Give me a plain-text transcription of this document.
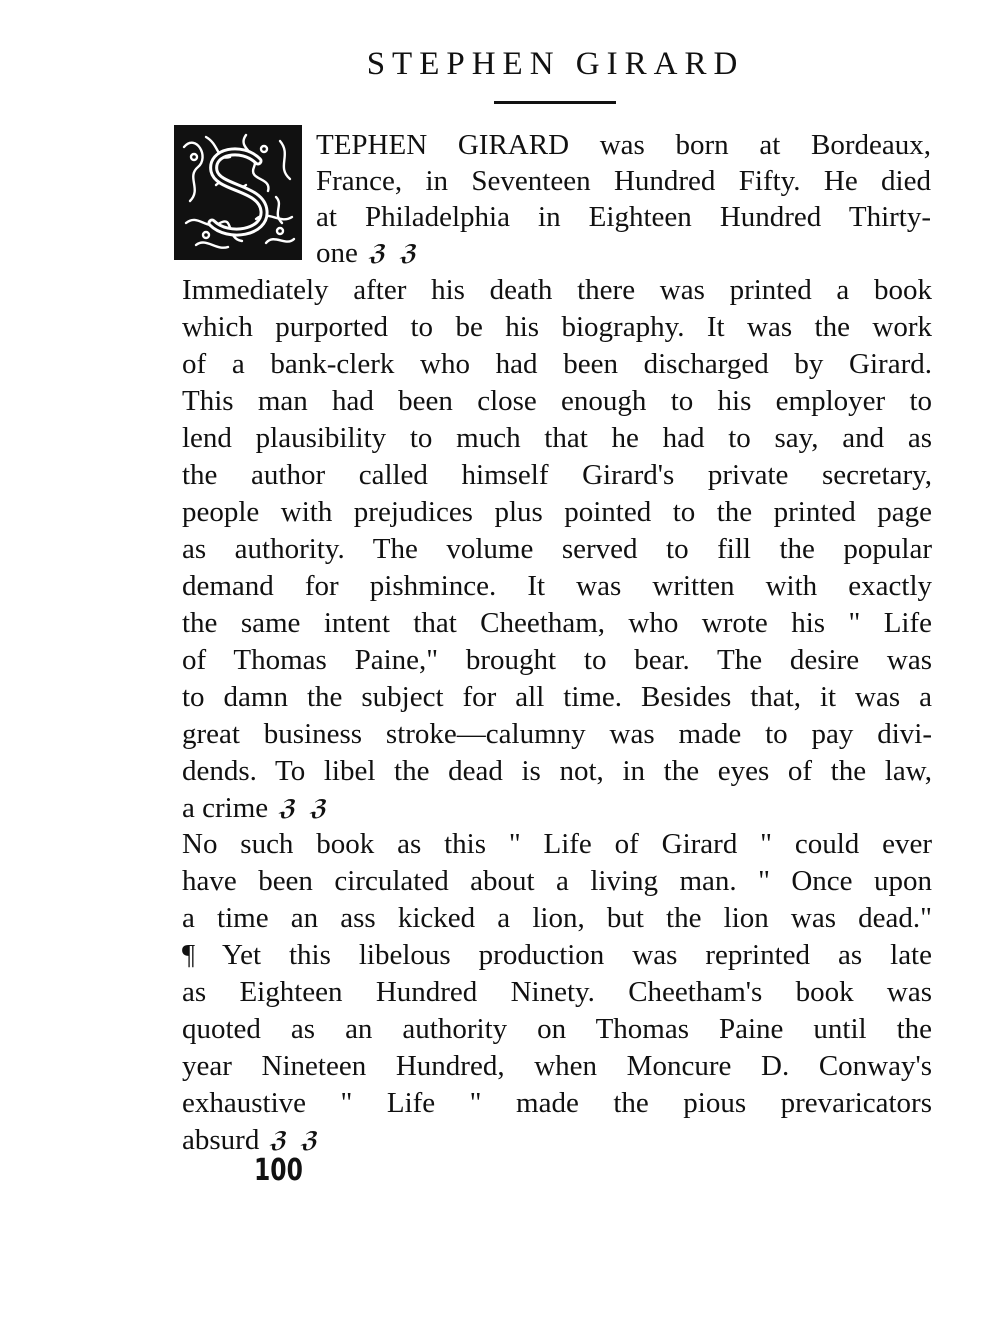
STEPHEN GIRARD
TEPHEN GIRARD was born at Bordeaux,
France, in Seventeen Hundred Fifty. He died
at Philadelphia in Eighteen Hundred Thirty-
one ℨ ℨ
Immediately after his death there was printed a book
which purported to be his biography. It was the work
of a bank-clerk who had been discharged by Girard.
This man had been close enough to his employer to
lend plausibility to much that he had to say, and as
the author called himself Girard's private secretary,
people with prejudices plus pointed to the printed page
as authority. The volume served to fill the popular
demand for pishmince. It was written with exactly
the same intent that Cheetham, who wrote his " Life
of Thomas Paine," brought to bear. The desire was
to damn the subject for all time. Besides that, it was a
great business stroke—calumny was made to pay divi-
dends. To libel the dead is not, in the eyes of the law,
a crime ℨ ℨ
No such book as this " Life of Girard " could ever
have been circulated about a living man. " Once upon
a time an ass kicked a lion, but the lion was dead."
¶ Yet this libelous production was reprinted as late
as Eighteen Hundred Ninety. Cheetham's book was
quoted as an authority on Thomas Paine until the
year Nineteen Hundred, when Moncure D. Conway's
exhaustive " Life " made the pious prevaricators
absurd ℨ ℨ
100
